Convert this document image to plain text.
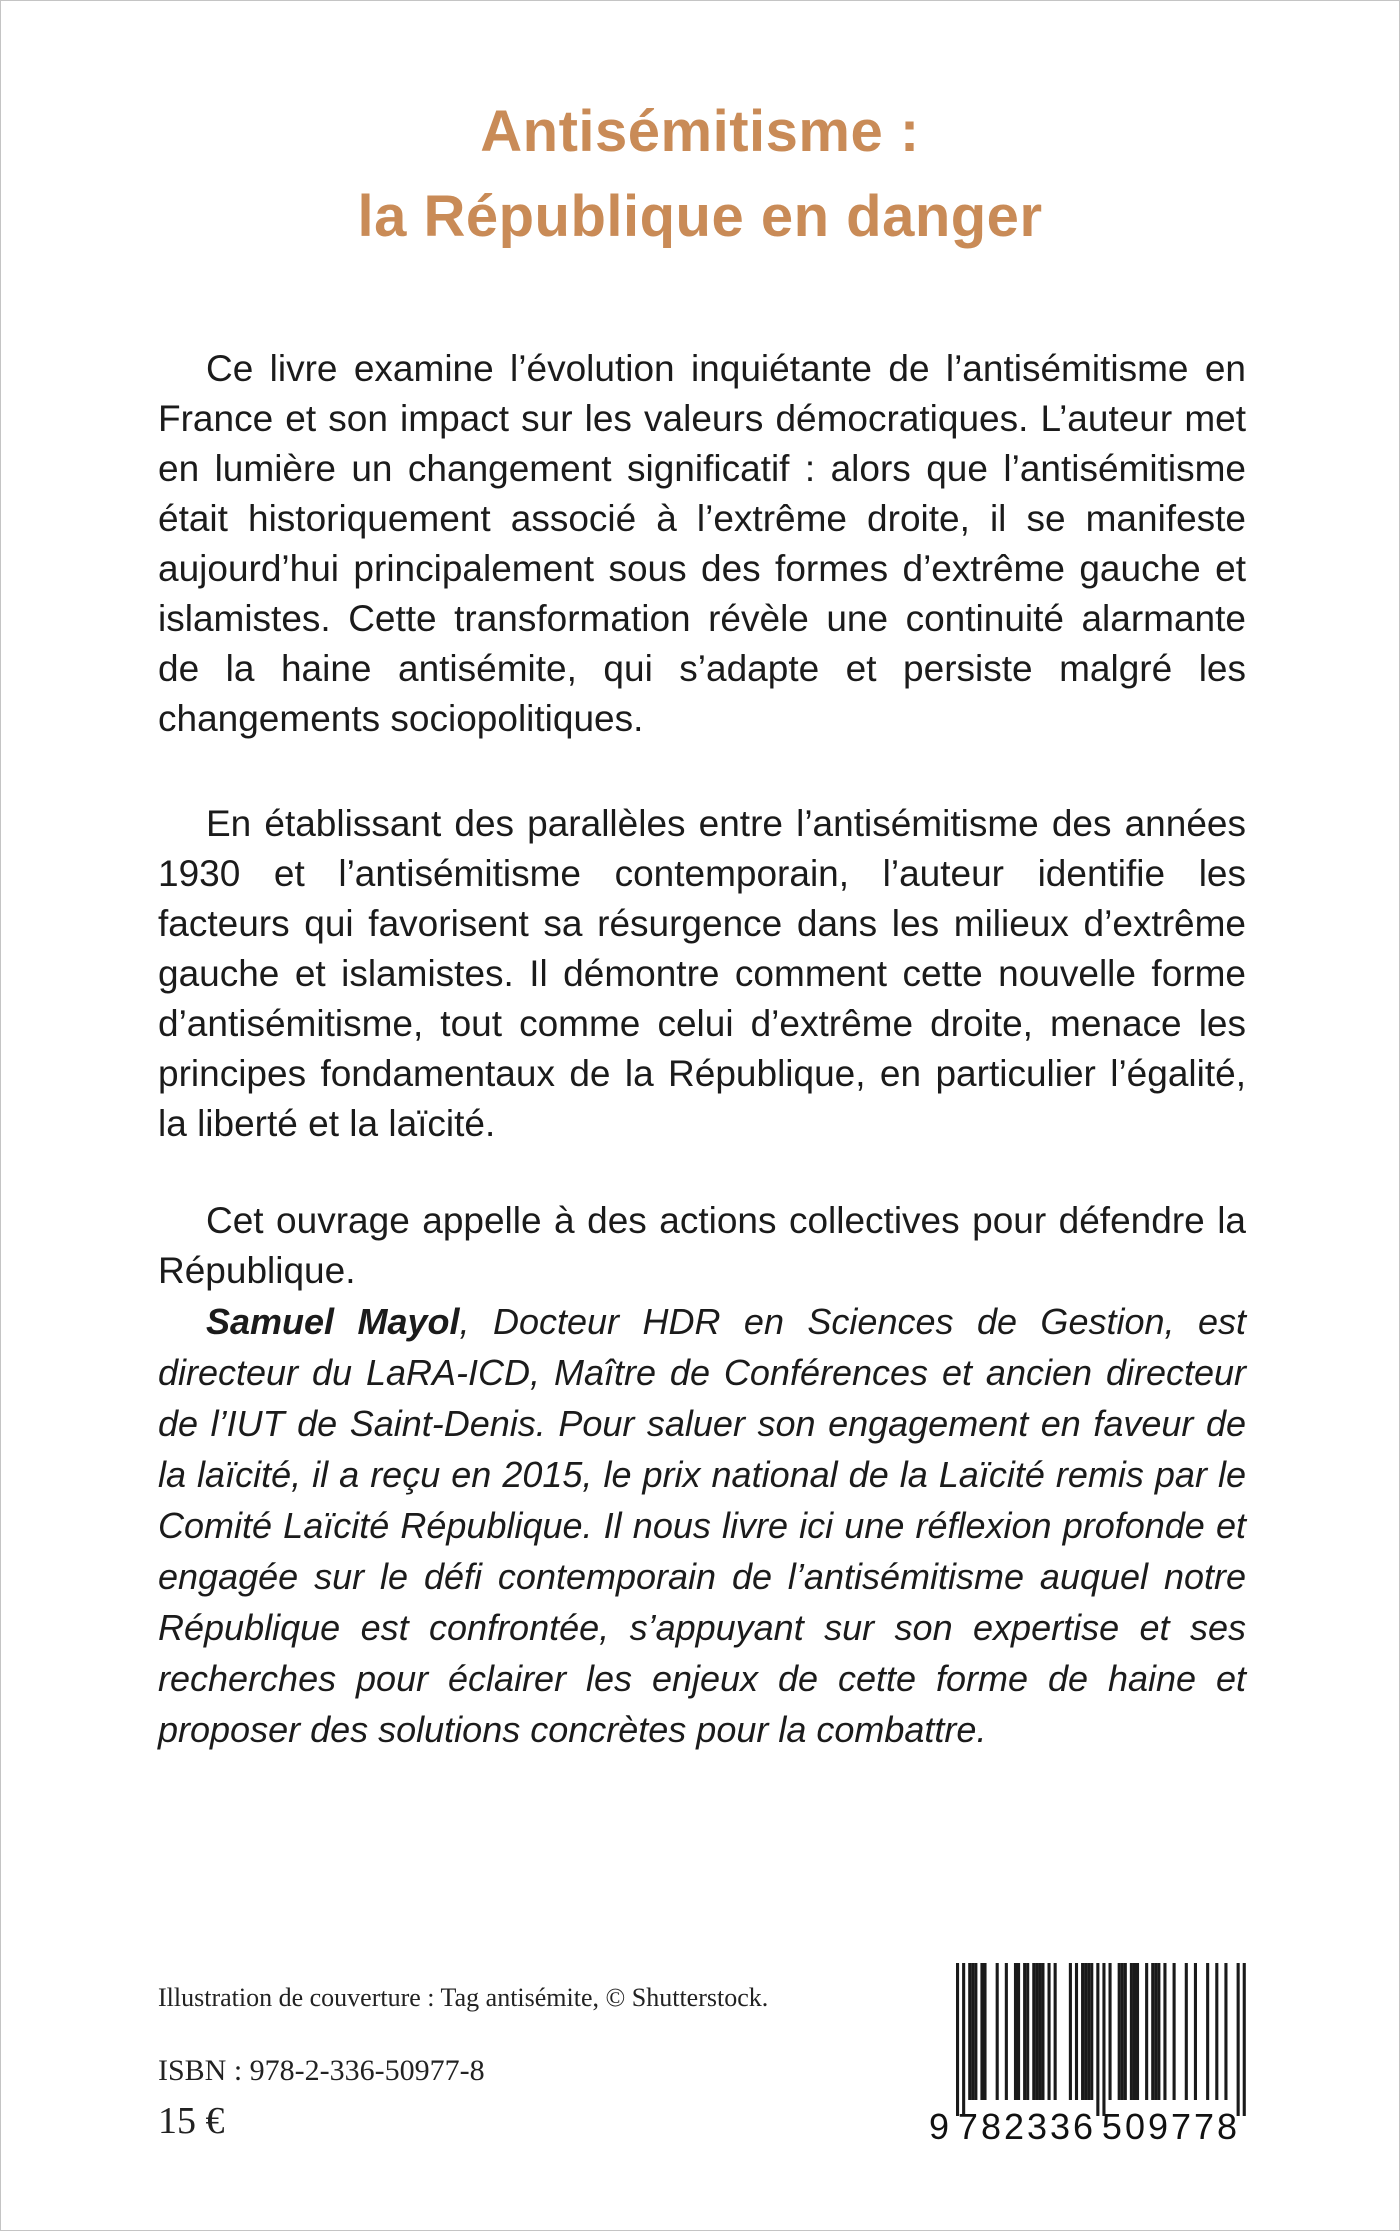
Antisémitisme :
la République en danger

Ce livre examine l’évolution inquiétante de l’antisémitisme en France et son impact sur les valeurs démocratiques. L’auteur met en lumière un changement significatif : alors que l’antisémitisme était historiquement associé à l’extrême droite, il se manifeste aujourd’hui principalement sous des formes d’extrême gauche et islamistes. Cette transformation révèle une continuité alarmante de la haine antisémite, qui s’adapte et persiste malgré les changements sociopolitiques.

En établissant des parallèles entre l’antisémitisme des années 1930 et l’antisémitisme contemporain, l’auteur identifie les facteurs qui favorisent sa résurgence dans les milieux d’extrême gauche et islamistes. Il démontre comment cette nouvelle forme d’antisémitisme, tout comme celui d’extrême droite, menace les principes fondamentaux de la République, en particulier l’égalité, la liberté et la laïcité.

Cet ouvrage appelle à des actions collectives pour défendre la République.

Samuel Mayol, Docteur HDR en Sciences de Gestion, est directeur du LaRA-ICD, Maître de Conférences et ancien directeur de l’IUT de Saint-Denis. Pour saluer son engagement en faveur de la laïcité, il a reçu en 2015, le prix national de la Laïcité remis par le Comité Laïcité République. Il nous livre ici une réflexion profonde et engagée sur le défi contemporain de l’antisémitisme auquel notre République est confrontée, s’appuyant sur son expertise et ses recherches pour éclairer les enjeux de cette forme de haine et proposer des solutions concrètes pour la combattre.

Illustration de couverture : Tag antisémite, © Shutterstock.
ISBN : 978-2-336-50977-8
15 €	9 782336 509778
